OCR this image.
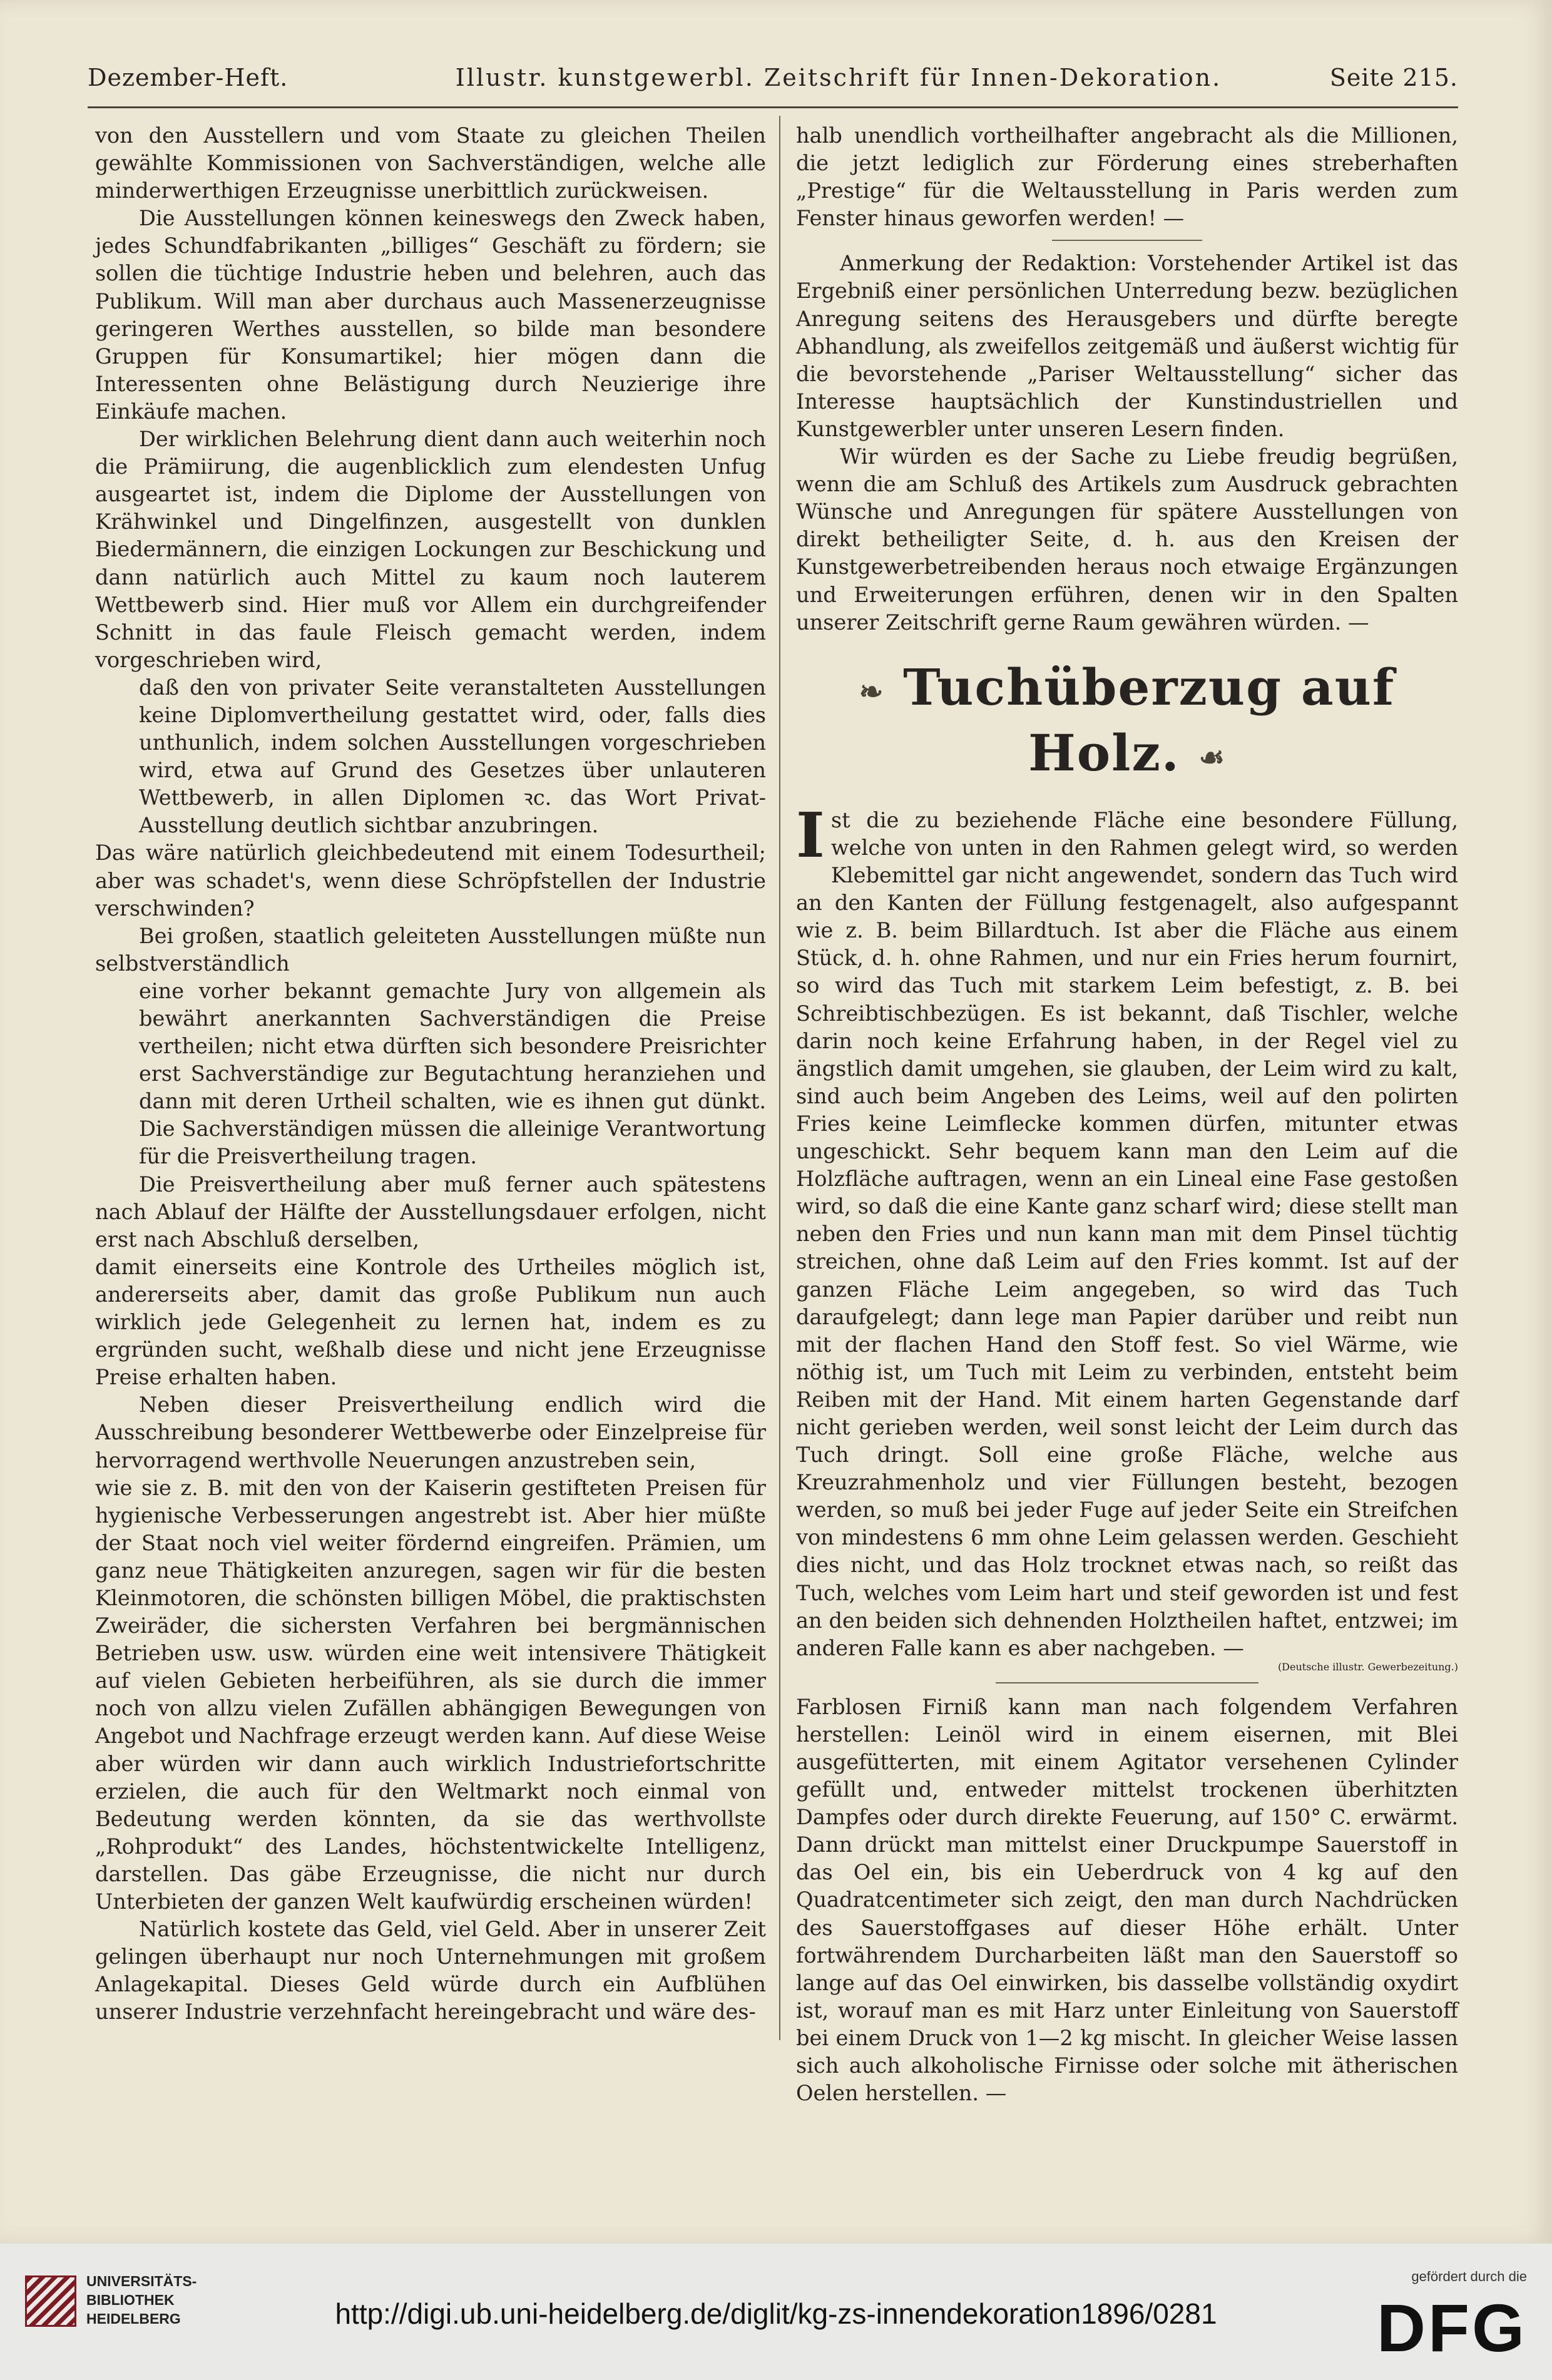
Dezember-Heft.	Illustr. kunstgewerbl. Zeitschrift für Innen-Dekoration.	Seite 215.

von den Ausstellern und vom Staate zu gleichen Theilen gewählte Kommissionen von Sachverständigen, welche alle minderwerthigen Erzeugnisse unerbittlich zurückweisen.

Die Ausstellungen können keineswegs den Zweck haben, jedes Schundfabrikanten „billiges“ Geschäft zu fördern; sie sollen die tüchtige Industrie heben und belehren, auch das Publikum. Will man aber durchaus auch Massenerzeugnisse geringeren Werthes ausstellen, so bilde man besondere Gruppen für Konsumartikel; hier mögen dann die Interessenten ohne Belästigung durch Neuzierige ihre Einkäufe machen.

Der wirklichen Belehrung dient dann auch weiterhin noch die Prämiirung, die augenblicklich zum elendesten Unfug ausgeartet ist, indem die Diplome der Ausstellungen von Krähwinkel und Dingelfinzen, ausgestellt von dunklen Biedermännern, die einzigen Lockungen zur Beschickung und dann natürlich auch Mittel zu kaum noch lauterem Wettbewerb sind. Hier muß vor Allem ein durchgreifender Schnitt in das faule Fleisch gemacht werden, indem vorgeschrieben wird,

daß den von privater Seite veranstalteten Ausstellungen keine Diplomvertheilung gestattet wird, oder, falls dies unthunlich, indem solchen Ausstellungen vorgeschrieben wird, etwa auf Grund des Gesetzes über unlauteren Wettbewerb, in allen Diplomen ꝛc. das Wort Privat-Ausstellung deutlich sichtbar anzubringen.

Das wäre natürlich gleichbedeutend mit einem Todesurtheil; aber was schadet's, wenn diese Schröpfstellen der Industrie verschwinden?

Bei großen, staatlich geleiteten Ausstellungen müßte nun selbstverständlich

eine vorher bekannt gemachte Jury von allgemein als bewährt anerkannten Sachverständigen die Preise vertheilen; nicht etwa dürften sich besondere Preisrichter erst Sachverständige zur Begutachtung heranziehen und dann mit deren Urtheil schalten, wie es ihnen gut dünkt. Die Sachverständigen müssen die alleinige Verantwortung für die Preisvertheilung tragen.

Die Preisvertheilung aber muß ferner auch spätestens nach Ablauf der Hälfte der Ausstellungsdauer erfolgen, nicht erst nach Abschluß derselben,

damit einerseits eine Kontrole des Urtheiles möglich ist, andererseits aber, damit das große Publikum nun auch wirklich jede Gelegenheit zu lernen hat, indem es zu ergründen sucht, weßhalb diese und nicht jene Erzeugnisse Preise erhalten haben.

Neben dieser Preisvertheilung endlich wird die Ausschreibung besonderer Wettbewerbe oder Einzelpreise für hervorragend werthvolle Neuerungen anzustreben sein,

wie sie z. B. mit den von der Kaiserin gestifteten Preisen für hygienische Verbesserungen angestrebt ist. Aber hier müßte der Staat noch viel weiter fördernd eingreifen. Prämien, um ganz neue Thätigkeiten anzuregen, sagen wir für die besten Kleinmotoren, die schönsten billigen Möbel, die praktischsten Zweiräder, die sichersten Verfahren bei bergmännischen Betrieben usw. usw. würden eine weit intensivere Thätigkeit auf vielen Gebieten herbeiführen, als sie durch die immer noch von allzu vielen Zufällen abhängigen Bewegungen von Angebot und Nachfrage erzeugt werden kann. Auf diese Weise aber würden wir dann auch wirklich Industriefortschritte erzielen, die auch für den Weltmarkt noch einmal von Bedeutung werden könnten, da sie das werthvollste „Rohprodukt“ des Landes, höchstentwickelte Intelligenz, darstellen. Das gäbe Erzeugnisse, die nicht nur durch Unterbieten der ganzen Welt kaufwürdig erscheinen würden!

Natürlich kostete das Geld, viel Geld. Aber in unserer Zeit gelingen überhaupt nur noch Unternehmungen mit großem Anlagekapital. Dieses Geld würde durch ein Aufblühen unserer Industrie verzehnfacht hereingebracht und wäre des-

halb unendlich vortheilhafter angebracht als die Millionen, die jetzt lediglich zur Förderung eines streberhaften „Prestige“ für die Weltausstellung in Paris werden zum Fenster hinaus geworfen werden! —

Anmerkung der Redaktion: Vorstehender Artikel ist das Ergebniß einer persönlichen Unterredung bezw. bezüglichen Anregung seitens des Herausgebers und dürfte beregte Abhandlung, als zweifellos zeitgemäß und äußerst wichtig für die bevorstehende „Pariser Weltausstellung“ sicher das Interesse hauptsächlich der Kunstindustriellen und Kunstgewerbler unter unseren Lesern finden.

Wir würden es der Sache zu Liebe freudig begrüßen, wenn die am Schluß des Artikels zum Ausdruck gebrachten Wünsche und Anregungen für spätere Ausstellungen von direkt betheiligter Seite, d. h. aus den Kreisen der Kunstgewerbetreibenden heraus noch etwaige Ergänzungen und Erweiterungen erführen, denen wir in den Spalten unserer Zeitschrift gerne Raum gewähren würden. —

❧ Tuchüberzug auf Holz. ☙

Ist die zu beziehende Fläche eine besondere Füllung, welche von unten in den Rahmen gelegt wird, so werden Klebemittel gar nicht angewendet, sondern das Tuch wird an den Kanten der Füllung festgenagelt, also aufgespannt wie z. B. beim Billardtuch. Ist aber die Fläche aus einem Stück, d. h. ohne Rahmen, und nur ein Fries herum fournirt, so wird das Tuch mit starkem Leim befestigt, z. B. bei Schreibtischbezügen. Es ist bekannt, daß Tischler, welche darin noch keine Erfahrung haben, in der Regel viel zu ängstlich damit umgehen, sie glauben, der Leim wird zu kalt, sind auch beim Angeben des Leims, weil auf den polirten Fries keine Leimflecke kommen dürfen, mitunter etwas ungeschickt. Sehr bequem kann man den Leim auf die Holzfläche auftragen, wenn an ein Lineal eine Fase gestoßen wird, so daß die eine Kante ganz scharf wird; diese stellt man neben den Fries und nun kann man mit dem Pinsel tüchtig streichen, ohne daß Leim auf den Fries kommt. Ist auf der ganzen Fläche Leim angegeben, so wird das Tuch daraufgelegt; dann lege man Papier darüber und reibt nun mit der flachen Hand den Stoff fest. So viel Wärme, wie nöthig ist, um Tuch mit Leim zu verbinden, entsteht beim Reiben mit der Hand. Mit einem harten Gegenstande darf nicht gerieben werden, weil sonst leicht der Leim durch das Tuch dringt. Soll eine große Fläche, welche aus Kreuzrahmenholz und vier Füllungen besteht, bezogen werden, so muß bei jeder Fuge auf jeder Seite ein Streifchen von mindestens 6 mm ohne Leim gelassen werden. Geschieht dies nicht, und das Holz trocknet etwas nach, so reißt das Tuch, welches vom Leim hart und steif geworden ist und fest an den beiden sich dehnenden Holztheilen haftet, entzwei; im anderen Falle kann es aber nachgeben. —

(Deutsche illustr. Gewerbezeitung.)

Farblosen Firniß kann man nach folgendem Verfahren herstellen: Leinöl wird in einem eisernen, mit Blei ausgefütterten, mit einem Agitator versehenen Cylinder gefüllt und, entweder mittelst trockenen überhitzten Dampfes oder durch direkte Feuerung, auf 150° C. erwärmt. Dann drückt man mittelst einer Druckpumpe Sauerstoff in das Oel ein, bis ein Ueberdruck von 4 kg auf den Quadratcentimeter sich zeigt, den man durch Nachdrücken des Sauerstoffgases auf dieser Höhe erhält. Unter fortwährendem Durcharbeiten läßt man den Sauerstoff so lange auf das Oel einwirken, bis dasselbe vollständig oxydirt ist, worauf man es mit Harz unter Einleitung von Sauerstoff bei einem Druck von 1—2 kg mischt. In gleicher Weise lassen sich auch alkoholische Firnisse oder solche mit ätherischen Oelen herstellen. —

UNIVERSITÄTS-
BIBLIOTHEK
HEIDELBERG	http://digi.ub.uni-heidelberg.de/diglit/kg-zs-innendekoration1896/0281
gefördert durch die
DFG
